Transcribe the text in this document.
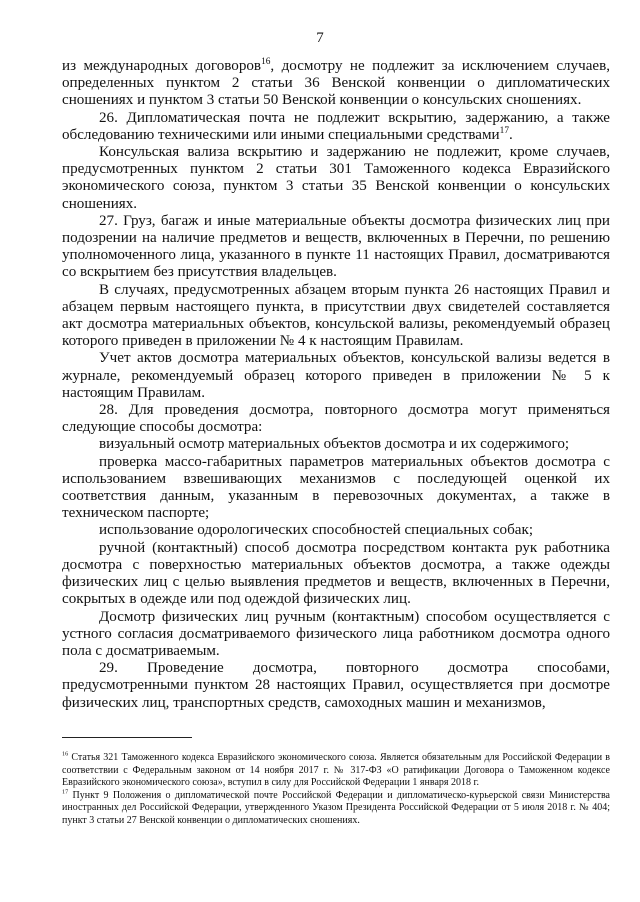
7

из международных договоров$^{16}$, досмотру не подлежит за исключением случаев, определенных пунктом 2 статьи 36 Венской конвенции о дипломатических сношениях и пунктом 3 статьи 50 Венской конвенции о консульских сношениях.

26. Дипломатическая почта не подлежит вскрытию, задержанию, а также обследованию техническими или иными специальными средствами$^{17}$.

Консульская вализа вскрытию и задержанию не подлежит, кроме случаев, предусмотренных пунктом 2 статьи 301 Таможенного кодекса Евразийского экономического союза, пунктом 3 статьи 35 Венской конвенции о консульских сношениях.

27. Груз, багаж и иные материальные объекты досмотра физических лиц при подозрении на наличие предметов и веществ, включенных в Перечни, по решению уполномоченного лица, указанного в пункте 11 настоящих Правил, досматриваются со вскрытием без присутствия владельцев.

В случаях, предусмотренных абзацем вторым пункта 26 настоящих Правил и абзацем первым настоящего пункта, в присутствии двух свидетелей составляется акт досмотра материальных объектов, консульской вализы, рекомендуемый образец которого приведен в приложении № 4 к настоящим Правилам.

Учет актов досмотра материальных объектов, консульской вализы ведется в журнале, рекомендуемый образец которого приведен в приложении № 5 к настоящим Правилам.

28. Для проведения досмотра, повторного досмотра могут применяться следующие способы досмотра:

визуальный осмотр материальных объектов досмотра и их содержимого;

проверка массо-габаритных параметров материальных объектов досмотра с использованием взвешивающих механизмов с последующей оценкой их соответствия данным, указанным в перевозочных документах, а также в техническом паспорте;

использование одорологических способностей специальных собак;

ручной (контактный) способ досмотра посредством контакта рук работника досмотра с поверхностью материальных объектов досмотра, а также одежды физических лиц с целью выявления предметов и веществ, включенных в Перечни, сокрытых в одежде или под одеждой физических лиц.

Досмотр физических лиц ручным (контактным) способом осуществляется с устного согласия досматриваемого физического лица работником досмотра одного пола с досматриваемым.

29. Проведение досмотра, повторного досмотра способами, предусмотренными пунктом 28 настоящих Правил, осуществляется при досмотре физических лиц, транспортных средств, самоходных машин и механизмов,

$^{16}$ Статья 321 Таможенного кодекса Евразийского экономического союза. Является обязательным для Российской Федерации в соответствии с Федеральным законом от 14 ноября 2017 г. № 317-ФЗ «О ратификации Договора о Таможенном кодексе Евразийского экономического союза», вступил в силу для Российской Федерации 1 января 2018 г.

$^{17}$ Пункт 9 Положения о дипломатической почте Российской Федерации и дипломатическо-курьерской связи Министерства иностранных дел Российской Федерации, утвержденного Указом Президента Российской Федерации от 5 июля 2018 г. № 404; пункт 3 статьи 27 Венской конвенции о дипломатических сношениях.
